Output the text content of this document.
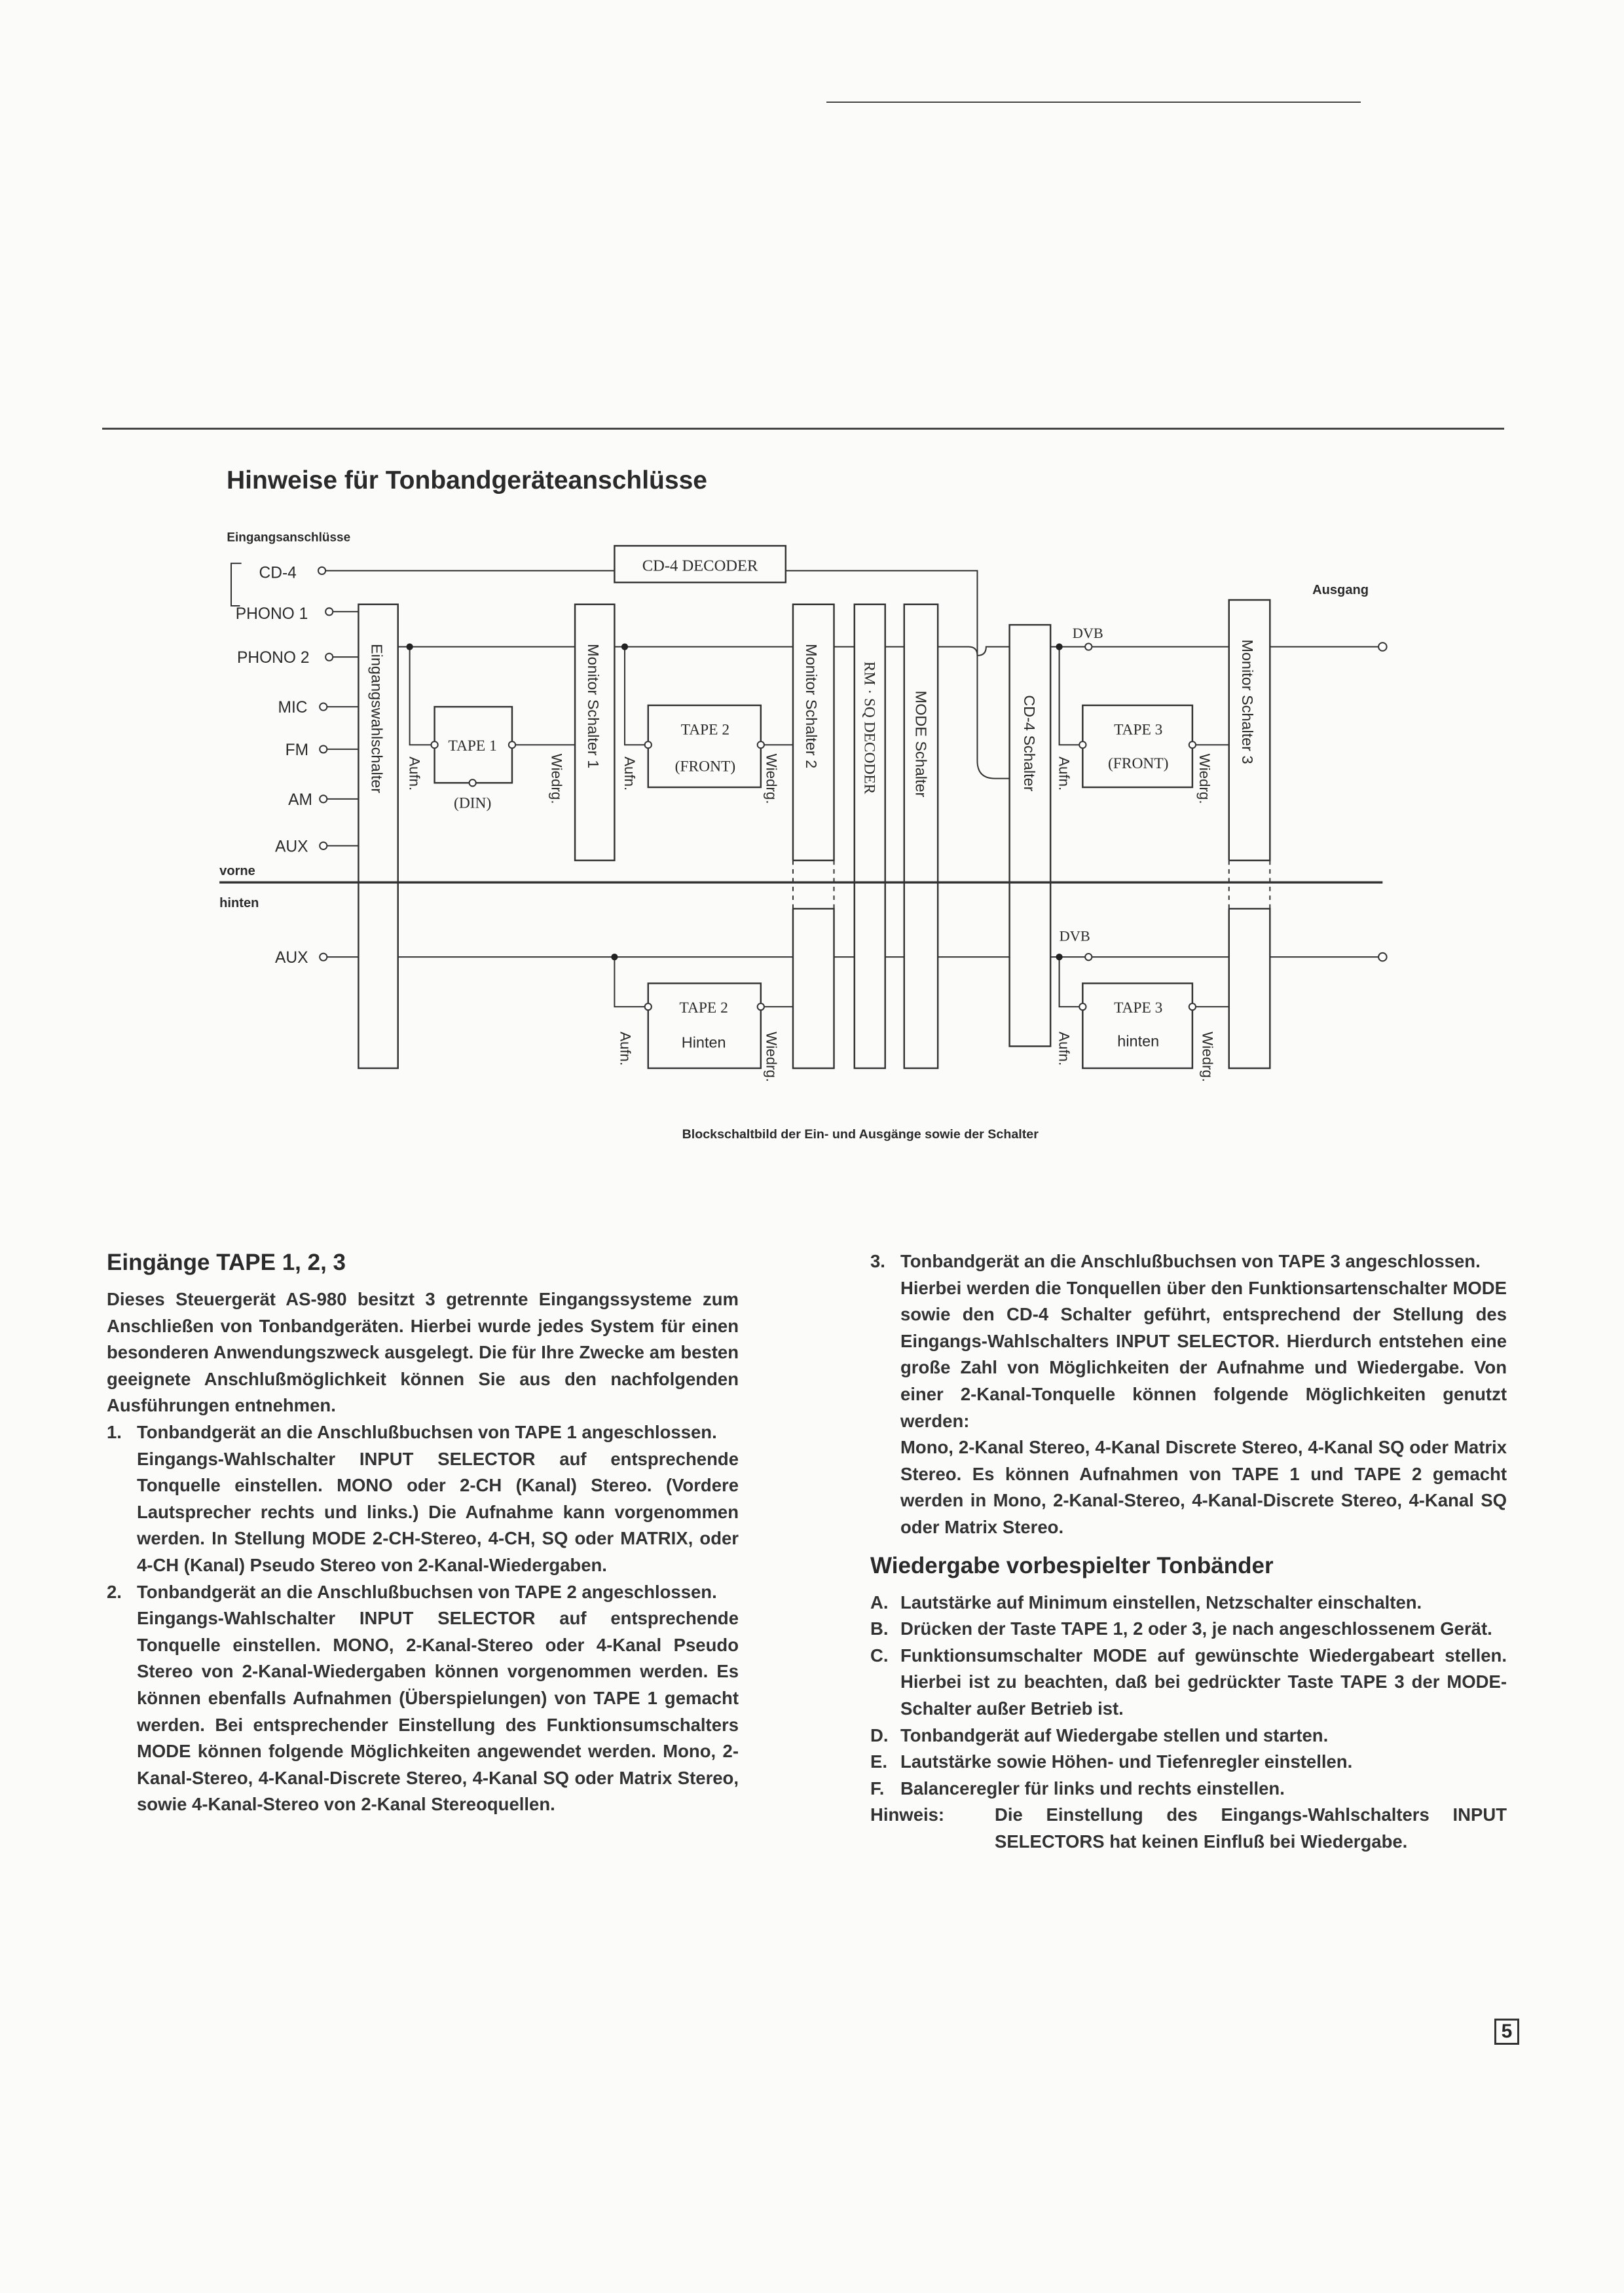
Hinweise für Tonbandgeräteanschlüsse
Eingangsanschlüsse
CD-4
PHONO 1
PHONO 2
MIC
FM
AM
AUX
AUX
CD-4 DECODER
vorne
hinten
Ausgang
Eingangswahlschalter	Monitor Schalter 1	Monitor Schalter 2	RM · SQ DECODER	MODE Schalter	CD-4 Schalter	Monitor Schalter 3
TAPE 1
(DIN)
Aufn.	Wiedrg.
TAPE 2
(FRONT)
Aufn.	Wiedrg.
DVB
TAPE 3
(FRONT)
Aufn.	Wiedrg.
TAPE 2
Hinten
Aufn.	Wiedrg.
DVB
TAPE 3
hinten
Aufn.	Wiedrg.
Blockschaltbild der Ein- und Ausgänge sowie der Schalter
Eingänge TAPE 1, 2, 3

Dieses Steuergerät AS-980 besitzt 3 getrennte Eingangssysteme zum Anschließen von Tonbandgeräten. Hierbei wurde jedes System für einen besonderen Anwendungszweck ausgelegt. Die für Ihre Zwecke am besten geeignete Anschlußmöglichkeit können Sie aus den nachfolgenden Ausführungen entnehmen.

1. Tonbandgerät an die Anschlußbuchsen von TAPE 1 angeschlossen.

Eingangs-Wahlschalter INPUT SELECTOR auf entsprechende Tonquelle einstellen. MONO oder 2-CH (Kanal) Stereo. (Vordere Lautsprecher rechts und links.) Die Aufnahme kann vorgenommen werden. In Stellung MODE 2-CH-Stereo, 4-CH, SQ oder MATRIX, oder 4-CH (Kanal) Pseudo Stereo von 2-Kanal-Wiedergaben.

2. Tonbandgerät an die Anschlußbuchsen von TAPE 2 angeschlossen.

Eingangs-Wahlschalter INPUT SELECTOR auf entsprechende Tonquelle einstellen. MONO, 2-Kanal-Stereo oder 4-Kanal Pseudo Stereo von 2-Kanal-Wiedergaben können vorgenommen werden. Es können ebenfalls Aufnahmen (Überspielungen) von TAPE 1 gemacht werden. Bei entsprechender Einstellung des Funktionsumschalters MODE können folgende Möglichkeiten angewendet werden. Mono, 2-Kanal-Stereo, 4-Kanal-Discrete Stereo, 4-Kanal SQ oder Matrix Stereo, sowie 4-Kanal-Stereo von 2-Kanal Stereoquellen.

3. Tonbandgerät an die Anschlußbuchsen von TAPE 3 angeschlossen.

Hierbei werden die Tonquellen über den Funktionsartenschalter MODE sowie den CD-4 Schalter geführt, entsprechend der Stellung des Eingangs-Wahlschalters INPUT SELECTOR. Hierdurch entstehen eine große Zahl von Möglichkeiten der Aufnahme und Wiedergabe. Von einer 2-Kanal-Tonquelle können folgende Möglichkeiten genutzt werden:

Mono, 2-Kanal Stereo, 4-Kanal Discrete Stereo, 4-Kanal SQ oder Matrix Stereo. Es können Aufnahmen von TAPE 1 und TAPE 2 gemacht werden in Mono, 2-Kanal-Stereo, 4-Kanal-Discrete Stereo, 4-Kanal SQ oder Matrix Stereo.

Wiedergabe vorbespielter Tonbänder
A. Lautstärke auf Minimum einstellen, Netzschalter einschalten.

B. Drücken der Taste TAPE 1, 2 oder 3, je nach angeschlossenem Gerät.

C. Funktionsumschalter MODE auf gewünschte Wiedergabeart stellen. Hierbei ist zu beachten, daß bei gedrückter Taste TAPE 3 der MODE-Schalter außer Betrieb ist.

D. Tonbandgerät auf Wiedergabe stellen und starten.

E. Lautstärke sowie Höhen- und Tiefenregler einstellen.

F. Balanceregler für links und rechts einstellen.

Hinweis:	Die Einstellung des Eingangs-Wahlschalters INPUT SELECTORS hat keinen Einfluß bei Wiedergabe.

5
